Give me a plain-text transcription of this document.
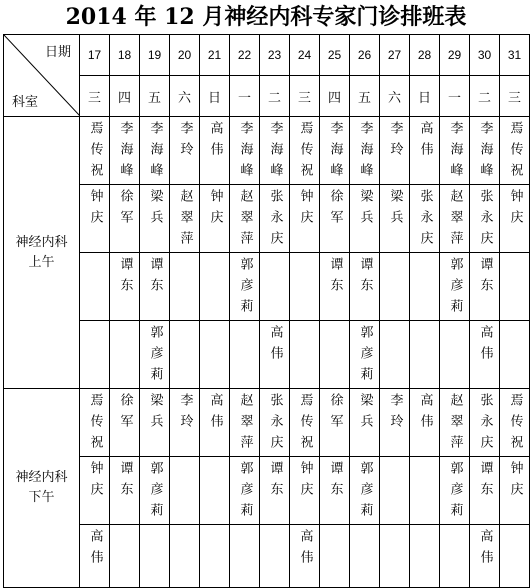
2014 年 12 月神经内科专家门诊排班表
日期
科室	17	18	19	20	21	22	23	24	25	26	27	28	29	30	31
	三	四	五	六	日	一	二	三	四	五	六	日	一	二	三

神经内科
上午	焉传祝	李海峰	李海峰	李玲	高伟	李海峰	李海峰	焉传祝	李海峰	李海峰	李玲	高伟	李海峰	李海峰	焉传祝

	钟庆	徐军	梁兵	赵翠萍	钟庆	赵翠萍	张永庆	钟庆	徐军	梁兵	梁兵	张永庆	赵翠萍	张永庆	钟庆

		谭东	谭东			郭彦莉			谭东	谭东			郭彦莉	谭东	

			郭彦莉				高伟			郭彦莉				高伟	

神经内科
下午	焉传祝	徐军	梁兵	李玲	高伟	赵翠萍	张永庆	焉传祝	徐军	梁兵	李玲	高伟	赵翠萍	张永庆	焉传祝

	钟庆	谭东	郭彦莉			郭彦莉	谭东	钟庆	谭东	郭彦莉			郭彦莉	谭东	钟庆

	高伟							高伟						高伟	
